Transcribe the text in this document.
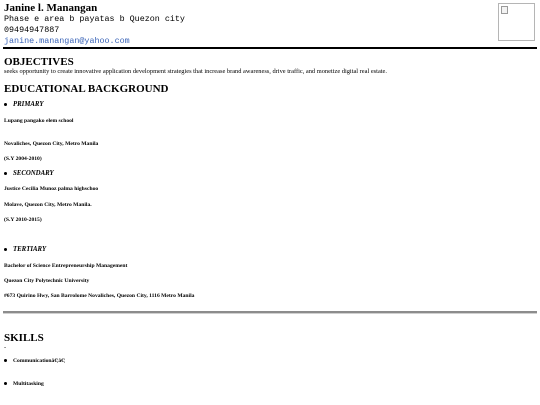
Janine l. Manangan
Phase e area b payatas b Quezon city
09494947887
janine.manangan@yahoo.com
OBJECTIVES
seeks opportunity to create innovative application development strategies that increase brand awareness, drive traffic, and monetize digital real estate.
EDUCATIONAL BACKGROUND
PRIMARY
Lupang pangako elem school
Novaliches, Quezon City, Metro Manila
(S.Y 2004-2010)
SECONDARY
Justice Cecilia Munoz palma highschoo
Molave, Quezon City, Metro Manila.
(S.Y 2010-2015)
TERTIARY
Bachelor of Science Entrepreneurship Management
Quezon City Polytechnic University
#673 Quirino Hwy, San Barrolome Novaliches, Quezon City, 1116 Metro Manila
SKILLS
-
Communicationâ€¦â€¦
Multitasking
